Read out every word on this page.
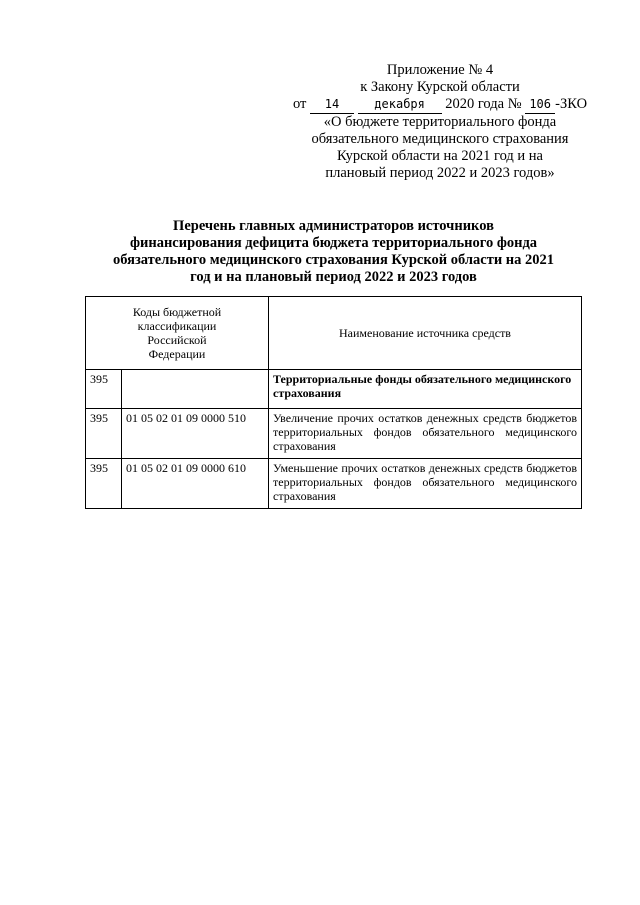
Приложение № 4
к Закону Курской области
от 14	декабря 2020 года № 106 -ЗКО
«О бюджете территориального фонда
обязательного медицинского страхования
Курской области на 2021 год и на
плановый период 2022 и 2023 годов»
Перечень главных администраторов источников
финансирования дефицита бюджета территориального фонда
обязательного медицинского страхования Курской области на 2021
год и на плановый период 2022 и 2023 годов
Коды бюджетной классификации Российской Федерации		Наименование источника средств
395		Территориальные фонды обязательного медицинского страхования
395	01 05 02 01 09 0000 510	Увеличение прочих остатков денежных средств бюджетов территориальных фондов обязательного медицинского страхования
395	01 05 02 01 09 0000 610	Уменьшение прочих остатков денежных средств бюджетов территориальных фондов обязательного медицинского страхования
